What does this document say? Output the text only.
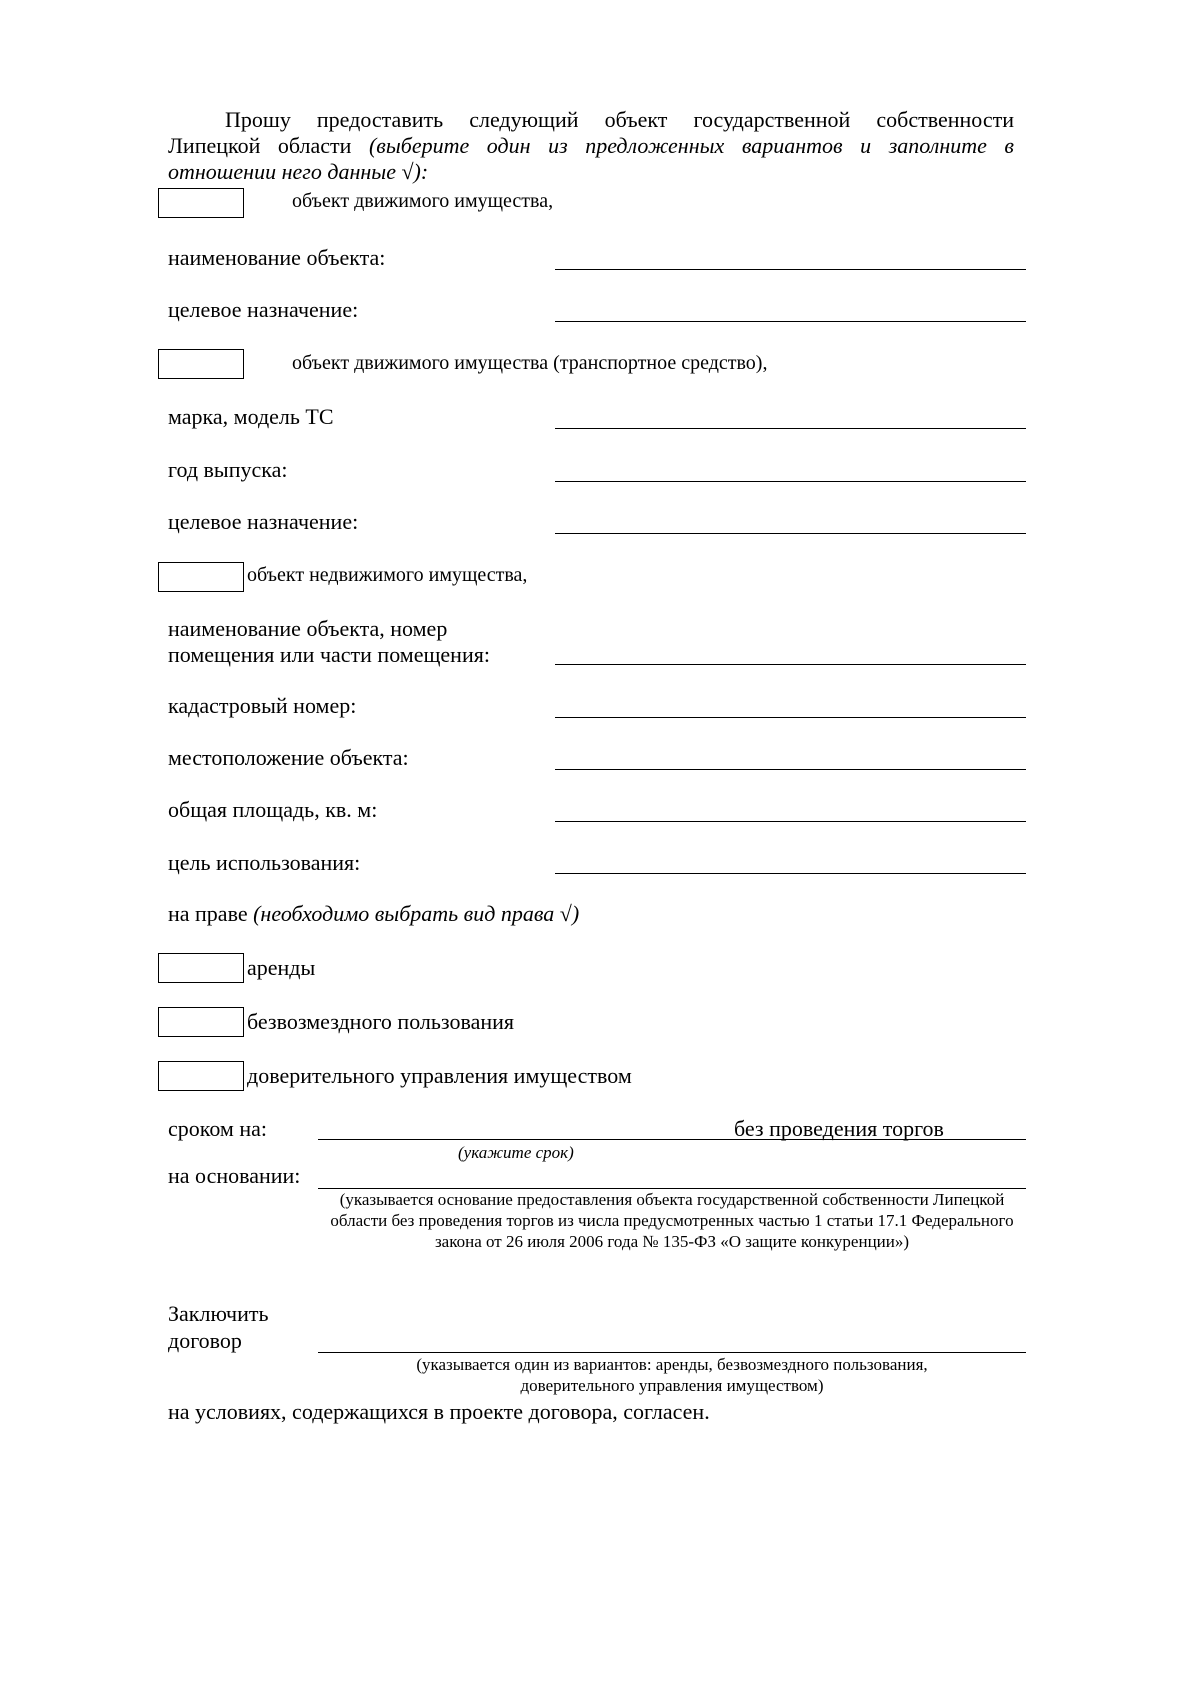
Прошу предоставить следующий объект государственной собственности
Липецкой области (выберите один из предложенных вариантов и заполните в
отношении него данные √):
объект движимого имущества,
наименование объекта:
целевое назначение:
объект движимого имущества (транспортное средство),
марка, модель ТС
год выпуска:
целевое назначение:
объект недвижимого имущества,
наименование объекта, номер
помещения или части помещения:
кадастровый номер:
местоположение объекта:
общая площадь, кв. м:
цель использования:
на праве (необходимо выбрать вид права √)
аренды
безвозмездного пользования
доверительного управления имуществом
сроком на:	без проведения торгов
(укажите срок)
на основании:
(указывается основание предоставления объекта государственной собственности Липецкой области без проведения торгов из числа предусмотренных частью 1 статьи 17.1 Федерального закона от 26 июля 2006 года № 135-ФЗ «О защите конкуренции»)
Заключить
договор
(указывается один из вариантов: аренды, безвозмездного пользования, доверительного управления имуществом)
на условиях, содержащихся в проекте договора, согласен.
